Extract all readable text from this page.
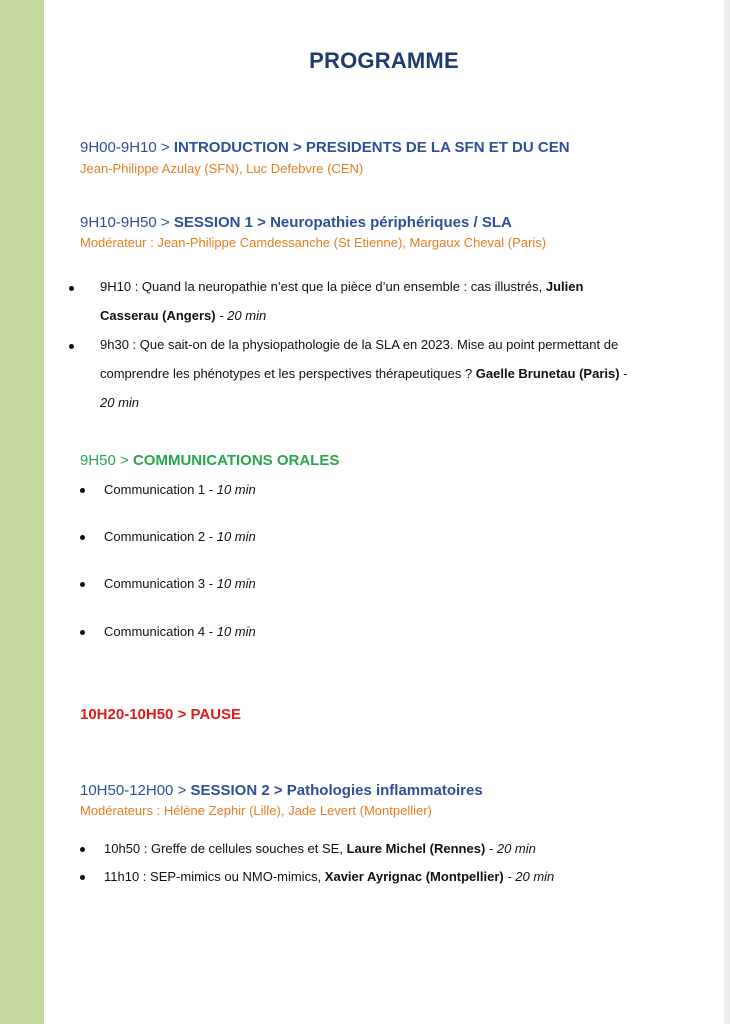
PROGRAMME
9H00-9H10 > INTRODUCTION > PRESIDENTS DE LA SFN ET DU CEN
Jean-Philippe Azulay (SFN), Luc Defebvre (CEN)
9H10-9H50 > SESSION 1 > Neuropathies périphériques / SLA
Modérateur : Jean-Philippe Camdessanche (St Etienne), Margaux Cheval (Paris)
9H10 : Quand la neuropathie n’est que la pièce d’un ensemble : cas illustrés, Julien
Casserau (Angers) - 20 min
9h30 : Que sait-on de la physiopathologie de la SLA en 2023. Mise au point permettant de
comprendre les phénotypes et les perspectives thérapeutiques ? Gaelle Brunetau (Paris) -
20 min
9H50 > COMMUNICATIONS ORALES
Communication 1 - 10 min
Communication 2 - 10 min
Communication 3 - 10 min
Communication 4 - 10 min
10H20-10H50 > PAUSE
10H50-12H00 > SESSION 2 > Pathologies inflammatoires
Modérateurs : Hélène Zephir (Lille), Jade Levert (Montpellier)
10h50 : Greffe de cellules souches et SE, Laure Michel (Rennes) - 20 min
11h10 : SEP-mimics ou NMO-mimics, Xavier Ayrignac (Montpellier) - 20 min
